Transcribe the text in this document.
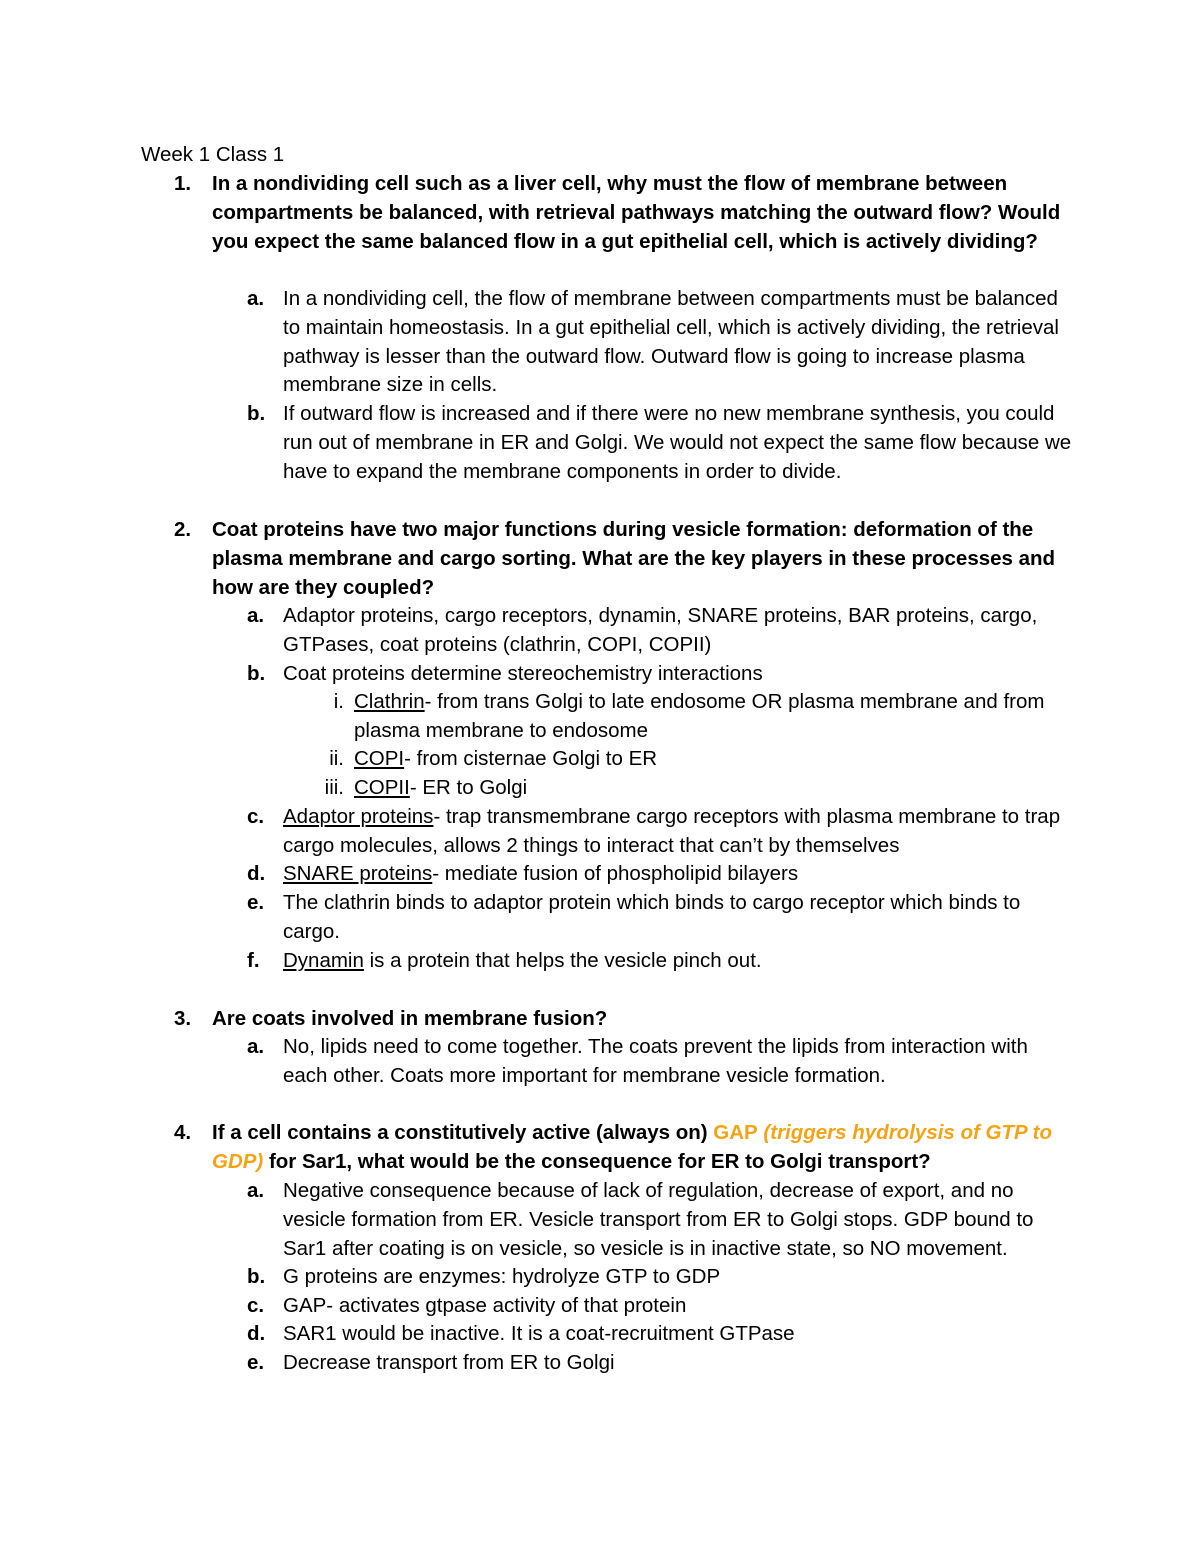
Week 1 Class 1
1. In a nondividing cell such as a liver cell, why must the flow of membrane between compartments be balanced, with retrieval pathways matching the outward flow? Would you expect the same balanced flow in a gut epithelial cell, which is actively dividing?
a. In a nondividing cell, the flow of membrane between compartments must be balanced to maintain homeostasis. In a gut epithelial cell, which is actively dividing, the retrieval pathway is lesser than the outward flow. Outward flow is going to increase plasma membrane size in cells.
b. If outward flow is increased and if there were no new membrane synthesis, you could run out of membrane in ER and Golgi. We would not expect the same flow because we have to expand the membrane components in order to divide.
2. Coat proteins have two major functions during vesicle formation: deformation of the plasma membrane and cargo sorting. What are the key players in these processes and how are they coupled?
a. Adaptor proteins, cargo receptors, dynamin, SNARE proteins, BAR proteins, cargo, GTPases, coat proteins (clathrin, COPI, COPII)
b. Coat proteins determine stereochemistry interactions
i. Clathrin- from trans Golgi to late endosome OR plasma membrane and from plasma membrane to endosome
ii. COPI- from cisternae Golgi to ER
iii. COPII- ER to Golgi
c. Adaptor proteins- trap transmembrane cargo receptors with plasma membrane to trap cargo molecules, allows 2 things to interact that can’t by themselves
d. SNARE proteins- mediate fusion of phospholipid bilayers
e. The clathrin binds to adaptor protein which binds to cargo receptor which binds to cargo.
f. Dynamin is a protein that helps the vesicle pinch out.
3. Are coats involved in membrane fusion?
a. No, lipids need to come together. The coats prevent the lipids from interaction with each other. Coats more important for membrane vesicle formation.
4. If a cell contains a constitutively active (always on) GAP (triggers hydrolysis of GTP to GDP) for Sar1, what would be the consequence for ER to Golgi transport?
a. Negative consequence because of lack of regulation, decrease of export, and no vesicle formation from ER. Vesicle transport from ER to Golgi stops. GDP bound to Sar1 after coating is on vesicle, so vesicle is in inactive state, so NO movement.
b. G proteins are enzymes: hydrolyze GTP to GDP
c. GAP- activates gtpase activity of that protein
d. SAR1 would be inactive. It is a coat-recruitment GTPase
e. Decrease transport from ER to Golgi
